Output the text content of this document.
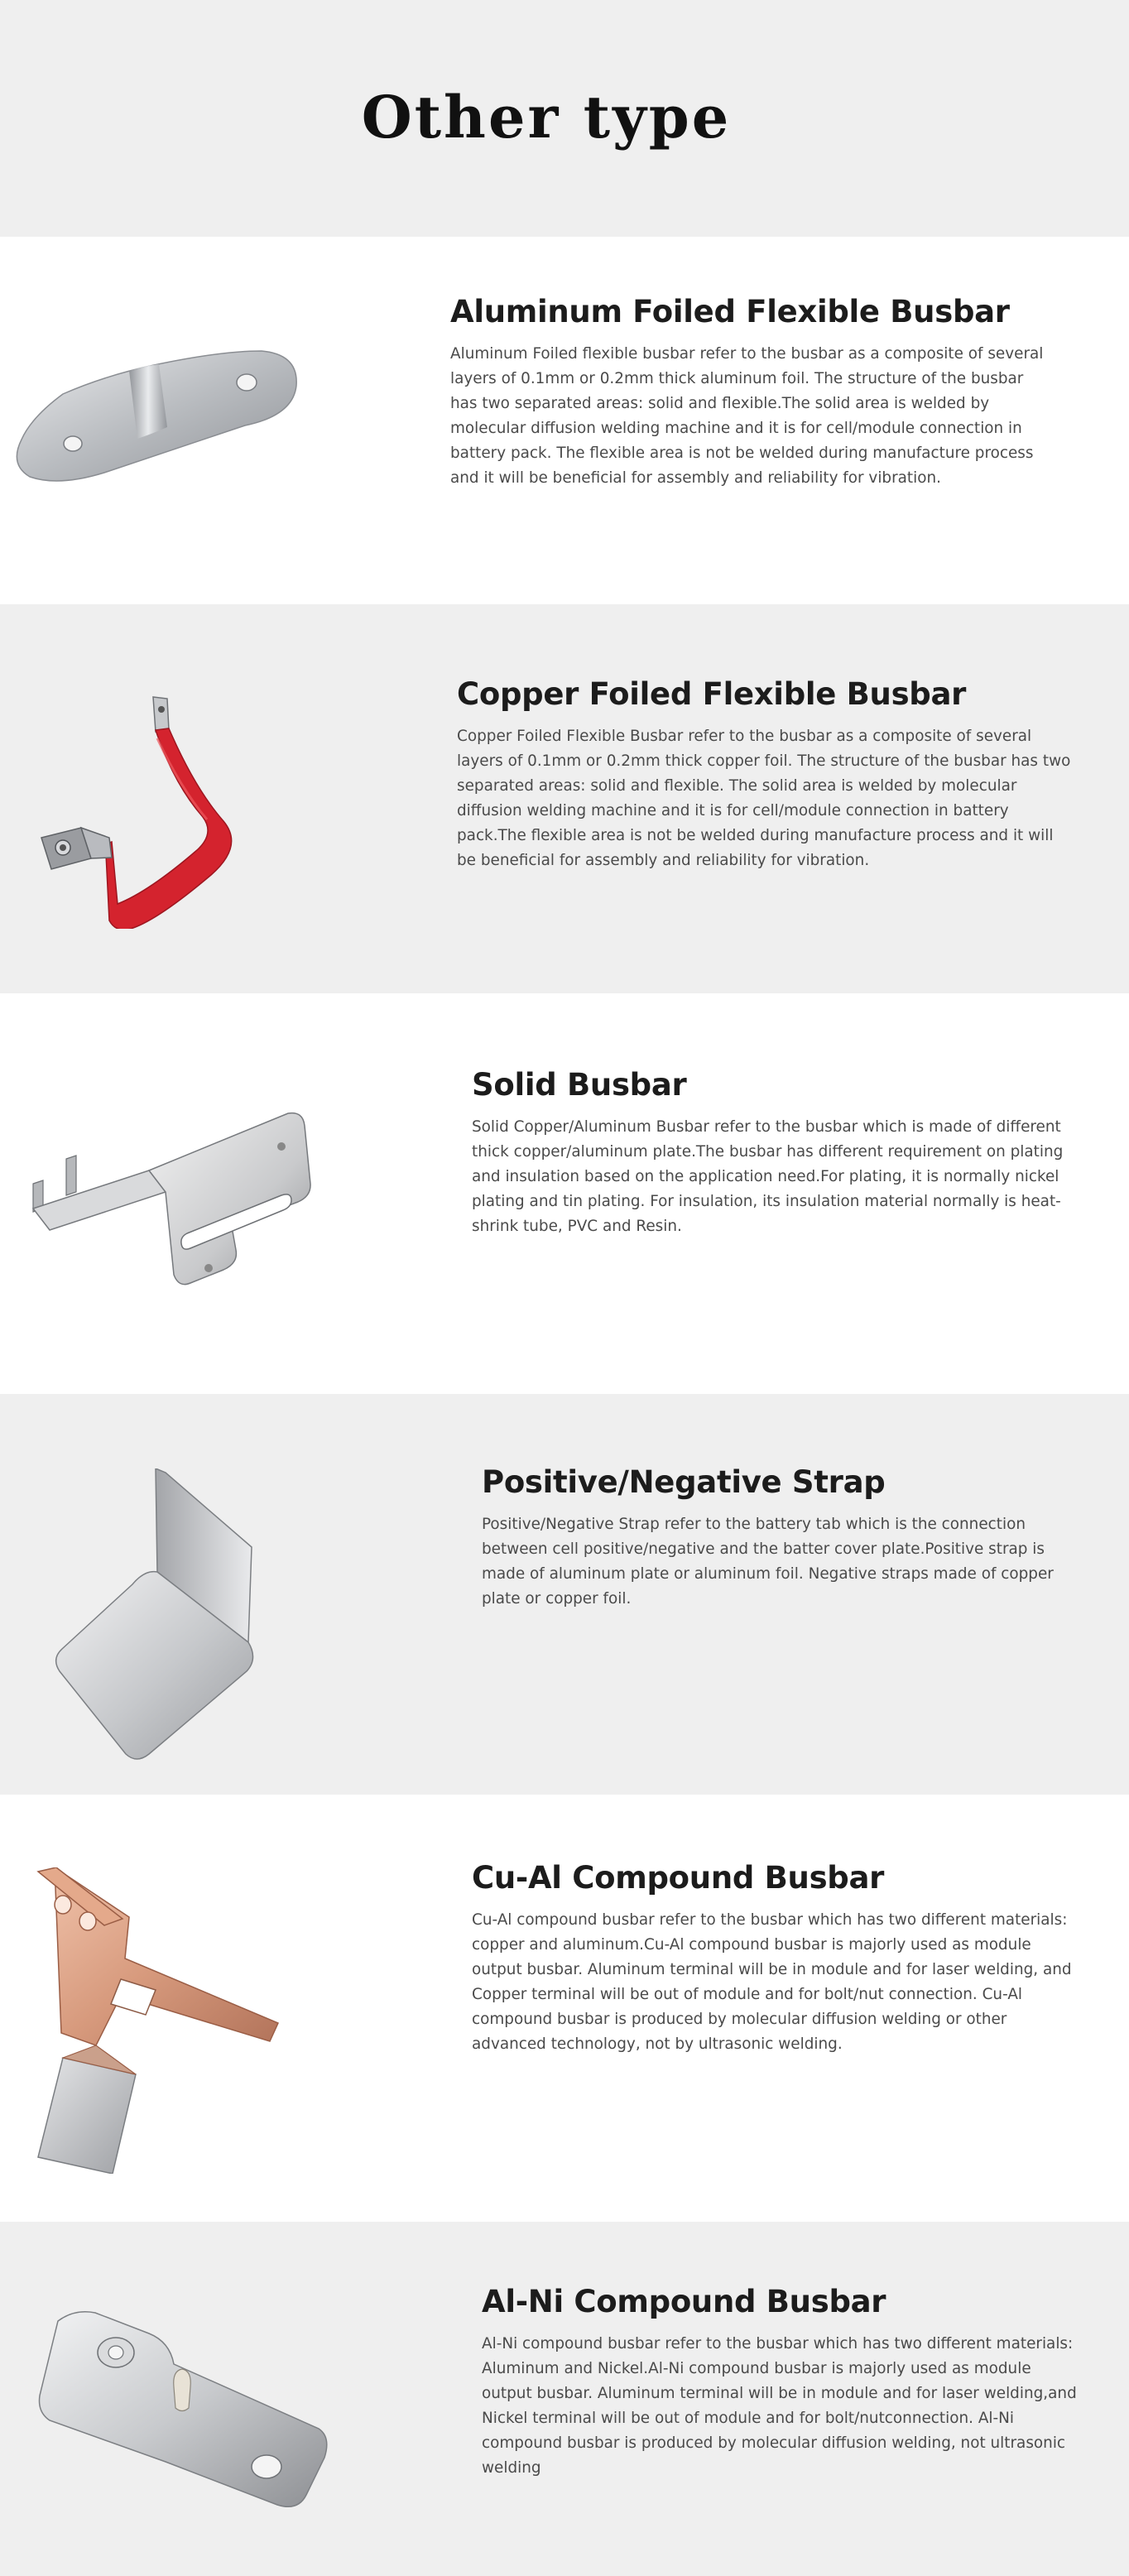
Other type
Aluminum Foiled Flexible Busbar

Aluminum Foiled flexible busbar refer to the busbar as a composite of several layers of 0.1mm or 0.2mm thick aluminum foil. The structure of the busbar has two separated areas: solid and flexible.The solid area is welded by molecular diffusion welding machine and it is for cell/module connection in battery pack. The flexible area is not be welded during manufacture process and it will be beneficial for assembly and reliability for vibration.

Copper Foiled Flexible Busbar

Copper Foiled Flexible Busbar refer to the busbar as a composite of several layers of 0.1mm or 0.2mm thick copper foil. The structure of the busbar has two separated areas: solid and flexible. The solid area is welded by molecular diffusion welding machine and it is for cell/module connection in battery pack.The flexible area is not be welded during manufacture process and it will be beneficial for assembly and reliability for vibration.

Solid Busbar

Solid Copper/Aluminum Busbar refer to the busbar which is made of different thick copper/aluminum plate.The busbar has different requirement on plating and insulation based on the application need.For plating, it is normally nickel plating and tin plating. For insulation, its insulation material normally is heat-shrink tube, PVC and Resin.

Positive/Negative Strap

Positive/Negative Strap refer to the battery tab which is the connection between cell positive/negative and the batter cover plate.Positive strap is made of aluminum plate or aluminum foil. Negative straps made of copper plate or copper foil.

Cu-Al Compound Busbar

Cu-Al compound busbar refer to the busbar which has two different materials: copper and aluminum.Cu-Al compound busbar is majorly used as module output busbar. Aluminum terminal will be in module and for laser welding, and Copper terminal will be out of module and for bolt/nut connection. Cu-Al compound busbar is produced by molecular diffusion welding or other advanced technology, not by ultrasonic welding.

Al-Ni Compound Busbar

Al-Ni compound busbar refer to the busbar which has two different materials: Aluminum and Nickel.Al-Ni compound busbar is majorly used as module output busbar. Aluminum terminal will be in module and for laser welding,and Nickel terminal will be out of module and for bolt/nutconnection. Al-Ni compound busbar is produced by molecular diffusion welding, not ultrasonic welding
